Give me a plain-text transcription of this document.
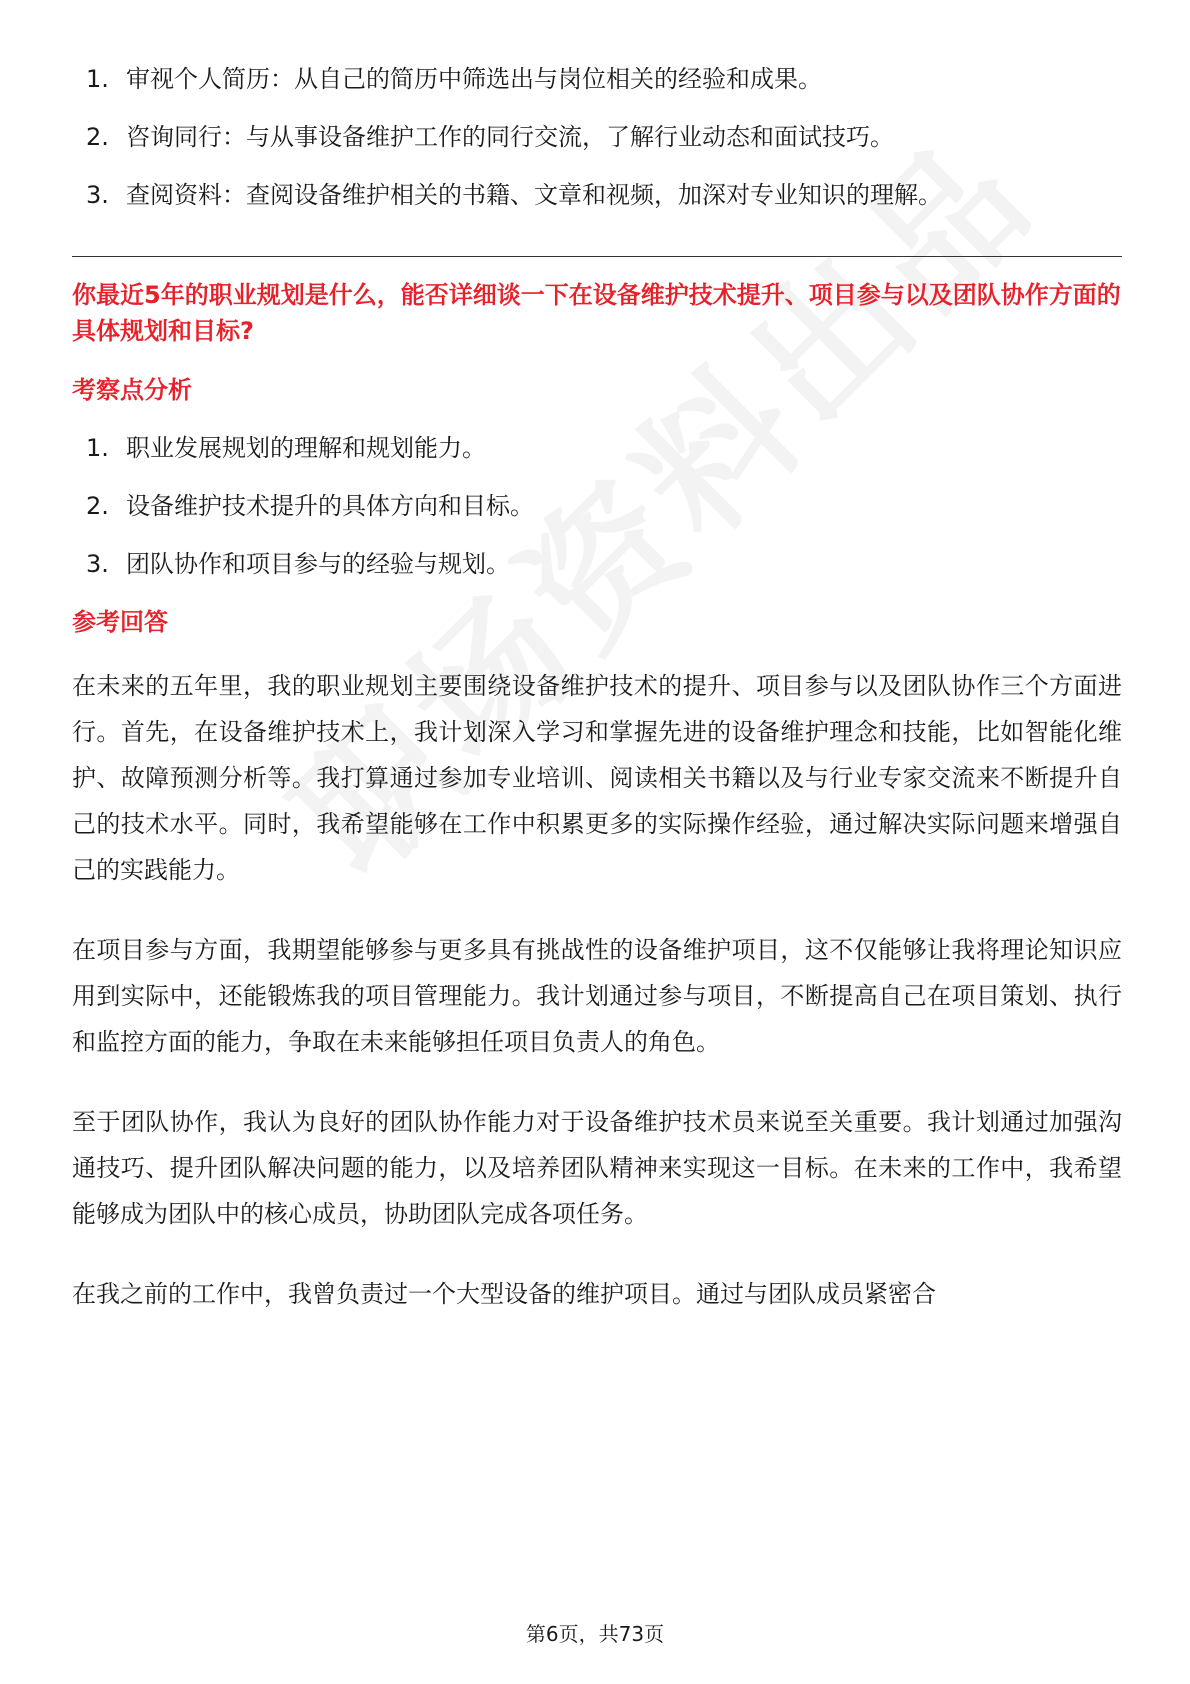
1. 审视个人简历：从自己的简历中筛选出与岗位相关的经验和成果。
2. 咨询同行：与从事设备维护工作的同行交流，了解行业动态和面试技巧。
3. 查阅资料：查阅设备维护相关的书籍、文章和视频，加深对专业知识的理解。

你最近5年的职业规划是什么，能否详细谈一下在设备维护技术提升、项目参与以及团队协作方面的具体规划和目标?

考察点分析
1. 职业发展规划的理解和规划能力。
2. 设备维护技术提升的具体方向和目标。
3. 团队协作和项目参与的经验与规划。
参考回答

在未来的五年里，我的职业规划主要围绕设备维护技术的提升、项目参与以及团队协作三个方面进行。首先，在设备维护技术上，我计划深入学习和掌握先进的设备维护理念和技能，比如智能化维护、故障预测分析等。我打算通过参加专业培训、阅读相关书籍以及与行业专家交流来不断提升自己的技术水平。同时，我希望能够在工作中积累更多的实际操作经验，通过解决实际问题来增强自己的实践能力。

在项目参与方面，我期望能够参与更多具有挑战性的设备维护项目，这不仅能够让我将理论知识应用到实际中，还能锻炼我的项目管理能力。我计划通过参与项目，不断提高自己在项目策划、执行和监控方面的能力，争取在未来能够担任项目负责人的角色。

至于团队协作，我认为良好的团队协作能力对于设备维护技术员来说至关重要。我计划通过加强沟通技巧、提升团队解决问题的能力，以及培养团队精神来实现这一目标。在未来的工作中，我希望能够成为团队中的核心成员，协助团队完成各项任务。

在我之前的工作中，我曾负责过一个大型设备的维护项目。通过与团队成员紧密合

第6页，共73页
